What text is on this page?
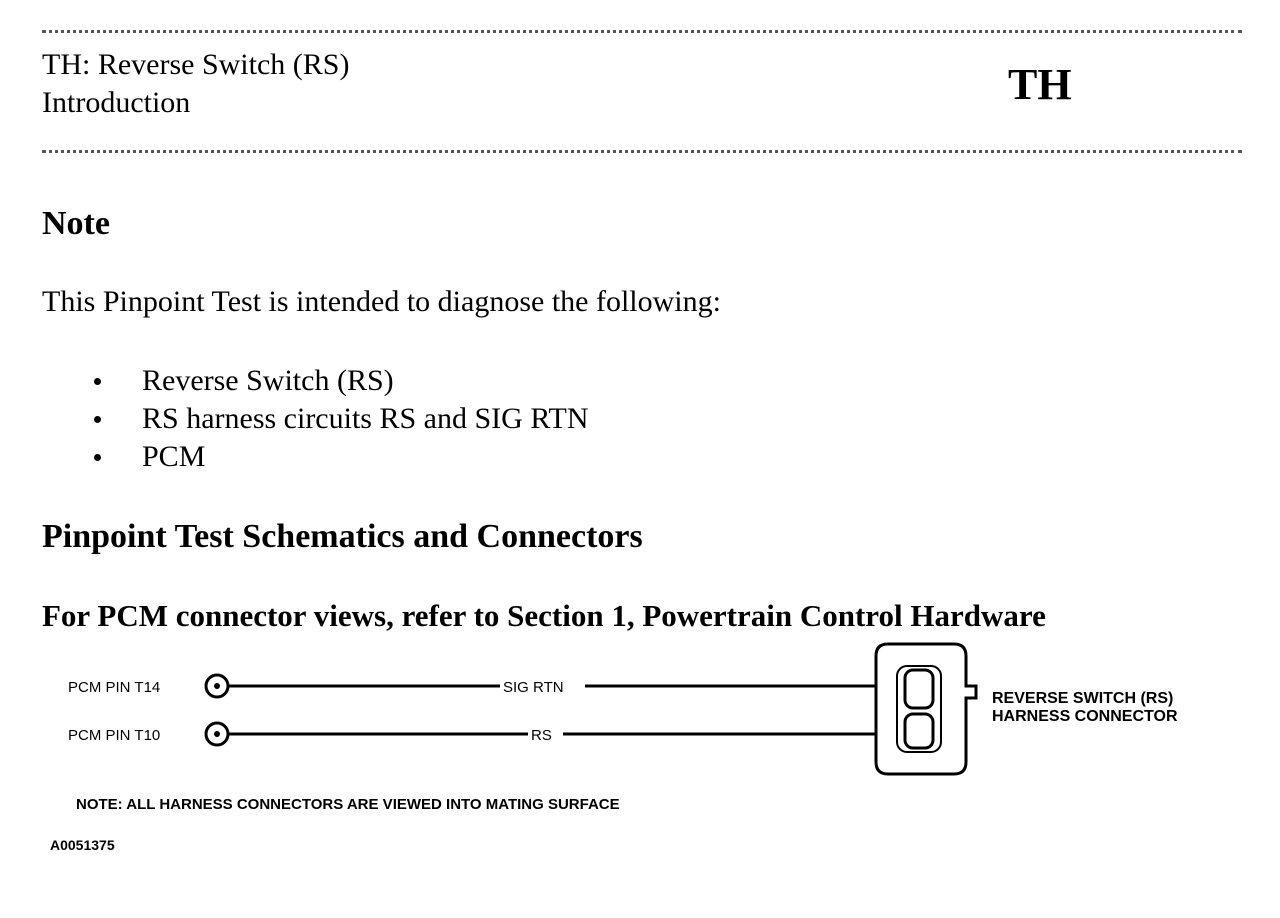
TH: Reverse Switch (RS)
Introduction	TH
Note
This Pinpoint Test is intended to diagnose the following:
Reverse Switch (RS)
RS harness circuits RS and SIG RTN
PCM
Pinpoint Test Schematics and Connectors
For PCM connector views, refer to Section 1, Powertrain Control Hardware
PCM PIN T14	SIG RTN
PCM PIN T10	RS
REVERSE SWITCH (RS)
HARNESS CONNECTOR
NOTE: ALL HARNESS CONNECTORS ARE VIEWED INTO MATING SURFACE
A0051375
